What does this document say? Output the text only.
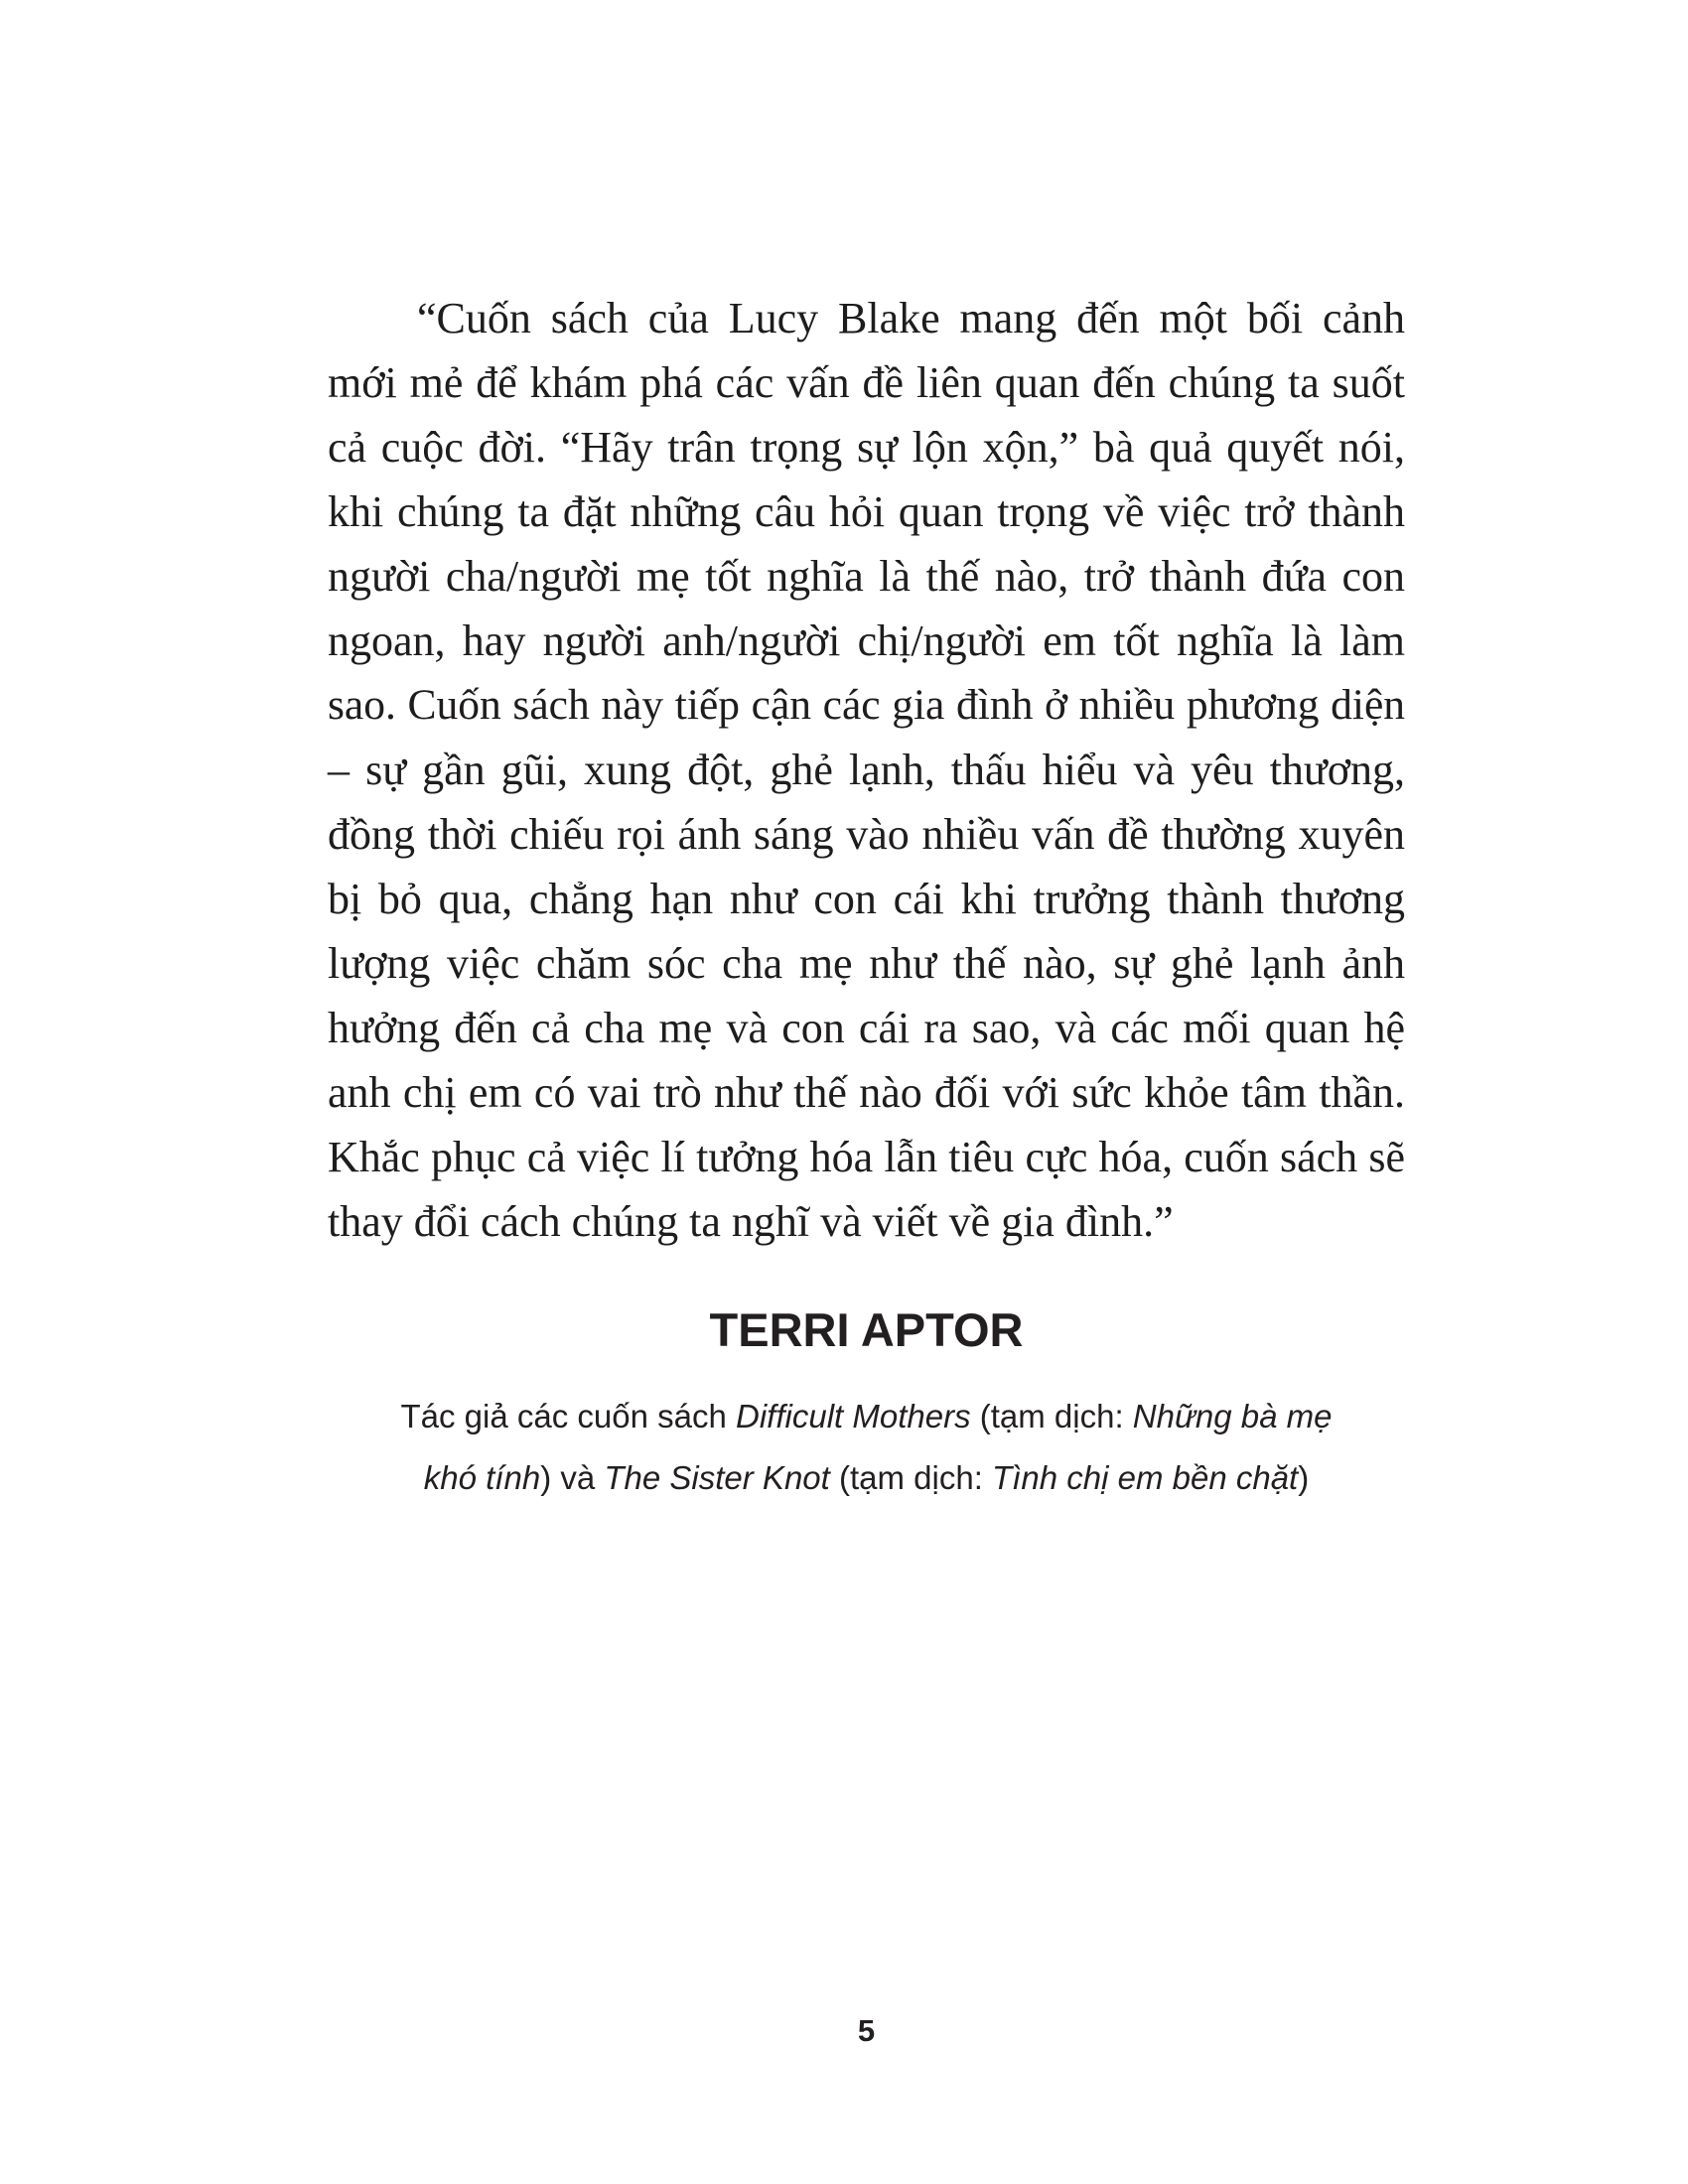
“Cuốn sách của Lucy Blake mang đến một bối cảnh
mới mẻ để khám phá các vấn đề liên quan đến chúng ta suốt
cả cuộc đời. “Hãy trân trọng sự lộn xộn,” bà quả quyết nói,
khi chúng ta đặt những câu hỏi quan trọng về việc trở thành
người cha/người mẹ tốt nghĩa là thế nào, trở thành đứa con
ngoan, hay người anh/người chị/người em tốt nghĩa là làm
sao. Cuốn sách này tiếp cận các gia đình ở nhiều phương diện
– sự gần gũi, xung đột, ghẻ lạnh, thấu hiểu và yêu thương,
đồng thời chiếu rọi ánh sáng vào nhiều vấn đề thường xuyên
bị bỏ qua, chẳng hạn như con cái khi trưởng thành thương
lượng việc chăm sóc cha mẹ như thế nào, sự ghẻ lạnh ảnh
hưởng đến cả cha mẹ và con cái ra sao, và các mối quan hệ
anh chị em có vai trò như thế nào đối với sức khỏe tâm thần.
Khắc phục cả việc lí tưởng hóa lẫn tiêu cực hóa, cuốn sách sẽ
thay đổi cách chúng ta nghĩ và viết về gia đình.”
TERRI APTOR
Tác giả các cuốn sách Difficult Mothers (tạm dịch: Những bà mẹ
khó tính) và The Sister Knot (tạm dịch: Tình chị em bền chặt)
5
